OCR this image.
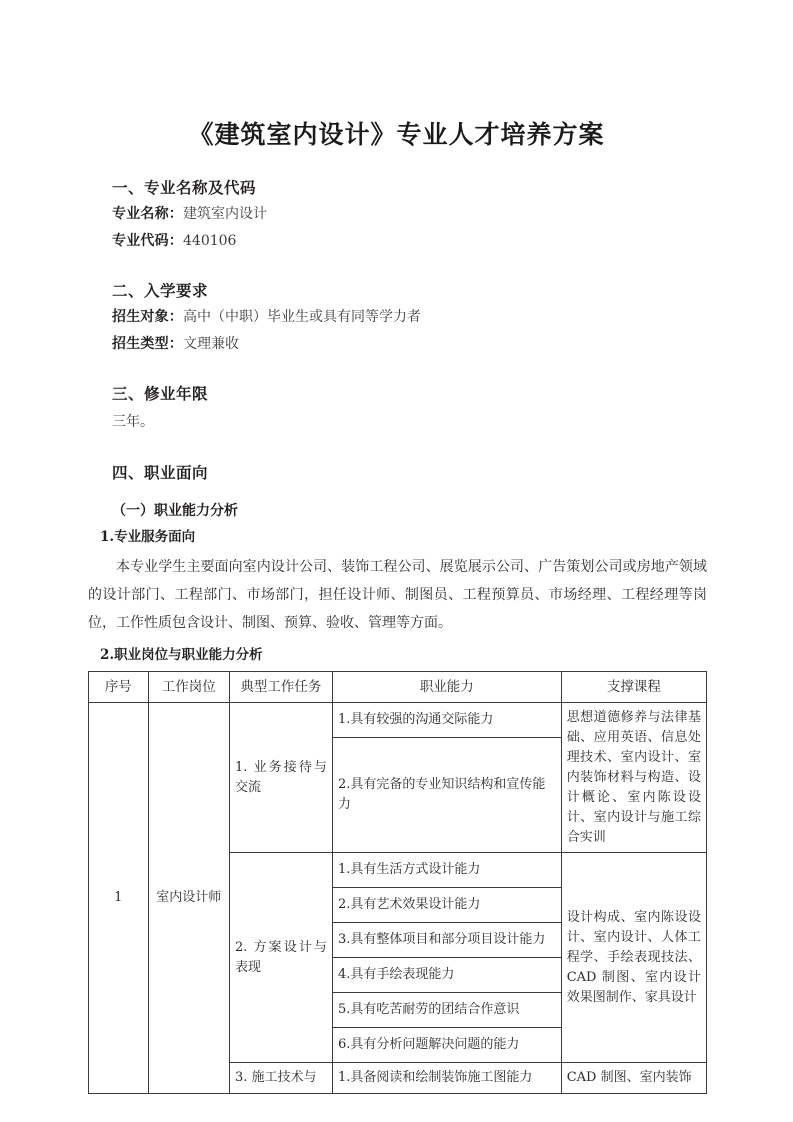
《建筑室内设计》专业人才培养方案

一、专业名称及代码

专业名称：建筑室内设计

专业代码：440106

二、入学要求

招生对象：高中（中职）毕业生或具有同等学力者

招生类型：文理兼收

三、修业年限

三年。

四、职业面向

（一）职业能力分析

1.专业服务面向

本专业学生主要面向室内设计公司、装饰工程公司、展览展示公司、广告策划公司或房地产领域的设计部门、工程部门、市场部门，担任设计师、制图员、工程预算员、市场经理、工程经理等岗位，工作性质包含设计、制图、预算、验收、管理等方面。

2.职业岗位与职业能力分析

序号	工作岗位	典型工作任务	职业能力	支撑课程
1	室内设计师	1. 业务接待与交流	1.具有较强的沟通交际能力	思想道德修养与法律基础、应用英语、信息处理技术、室内设计、室内装饰材料与构造、设计概论、室内陈设设计、室内设计与施工综合实训
			2.具有完备的专业知识结构和宣传能力	
		2. 方案设计与表现	1.具有生活方式设计能力	设计构成、室内陈设设计、室内设计、人体工程学、手绘表现技法、CAD 制图、室内设计效果图制作、家具设计
			2.具有艺术效果设计能力	
			3.具有整体项目和部分项目设计能力	
			4.具有手绘表现能力	
			5.具有吃苦耐劳的团结合作意识	
			6.具有分析问题解决问题的能力	
		3. 施工技术与	1.具备阅读和绘制装饰施工图能力	CAD 制图、室内装饰
